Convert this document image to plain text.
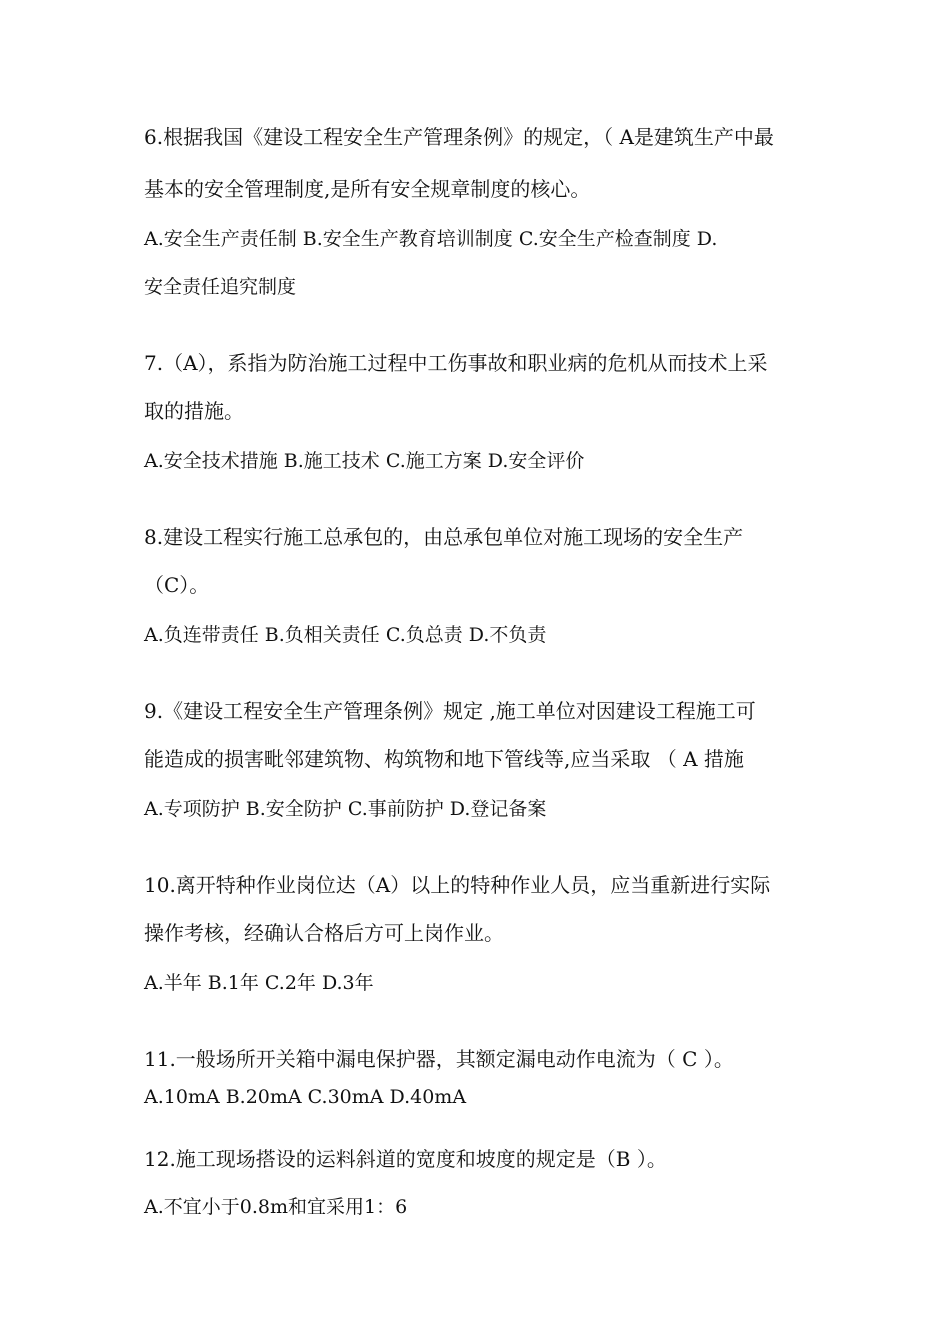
6.根据我国《建设工程安全生产管理条例》的规定，（ A是建筑生产中最
基本的安全管理制度,是所有安全规章制度的核心。
A.安全生产责任制 B.安全生产教育培训制度 C.安全生产检查制度 D.
安全责任追究制度
7.（A），系指为防治施工过程中工伤事故和职业病的危机从而技术上采
取的措施。
A.安全技术措施 B.施工技术 C.施工方案 D.安全评价
8.建设工程实行施工总承包的，由总承包单位对施工现场的安全生产
（C）。
A.负连带责任 B.负相关责任 C.负总责 D.不负责
9.《建设工程安全生产管理条例》规定 ,施工单位对因建设工程施工可
能造成的损害毗邻建筑物、构筑物和地下管线等,应当采取 （ A 措施
A.专项防护 B.安全防护 C.事前防护 D.登记备案
10.离开特种作业岗位达（A）以上的特种作业人员，应当重新进行实际
操作考核，经确认合格后方可上岗作业。
A.半年 B.1年 C.2年 D.3年
11.一般场所开关箱中漏电保护器，其额定漏电动作电流为（ C ）。
A.10mA B.20mA C.30mA D.40mA
12.施工现场搭设的运料斜道的宽度和坡度的规定是（B ）。
A.不宜小于0.8m和宜采用1：6
